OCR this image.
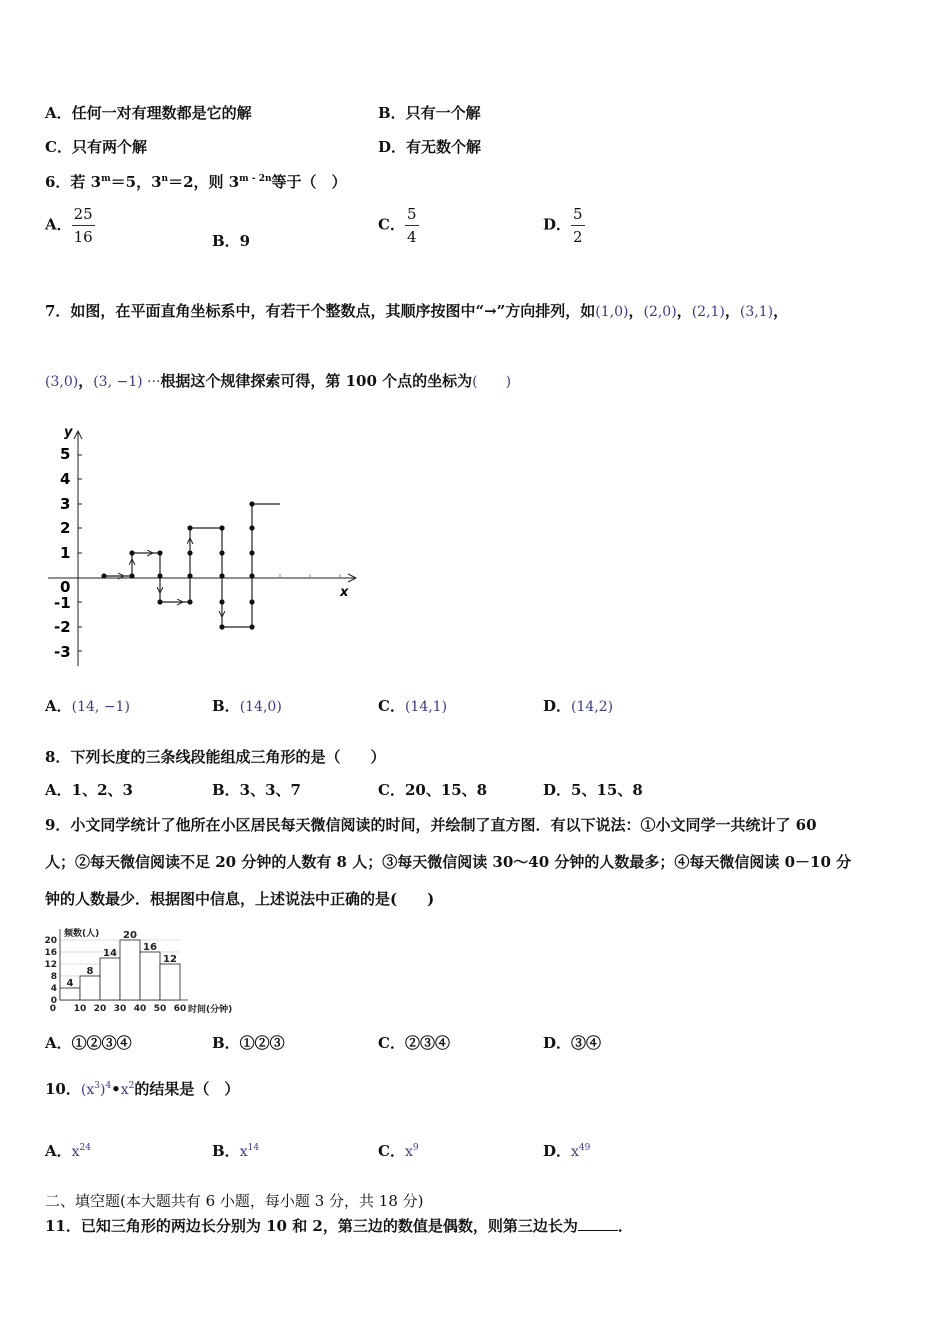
A．任何一对有理数都是它的解	B．只有一个解
C．只有两个解	D．有无数个解
6．若 $3^m=5$，$3^n=2$，则 $3^{m - 2n}$等于（　）
A． $\frac{25}{16}$	B．9
C． $\frac{5}{4}$	D． $\frac{5}{2}$
7．如图，在平面直角坐标系中，有若干个整数点，其顺序按图中“→”方向排列，如(1,0)，(2,0)，(2,1)，(3,1)，
(3,0)，(3, −1) ···根据这个规律探索可得，第 100 个点的坐标为(　　)
x
y
5
4
3
2
1
0
-1
-2
-3
A．(14, −1)	B．(14,0)	C．(14,1)	D．(14,2)
8．下列长度的三条线段能组成三角形的是（　　）
A．1、2、3	B．3、3、7	C．20、15、8	D．5、15、8
9．小文同学统计了他所在小区居民每天微信阅读的时间，并绘制了直方图．有以下说法：①小文同学一共统计了 60
人；②每天微信阅读不足 20 分钟的人数有 8 人；③每天微信阅读 30～40 分钟的人数最多；④每天微信阅读 0－10 分
钟的人数最少．根据图中信息，上述说法中正确的是(　　)
0
4
8
12
16
20
4
8
14
20
16
12
10 20 30 40 50 60
0	时间(分钟)
频数(人)
A．①②③④	B．①②③	C．②③④	D．③④
10．$(x^3)^4•x^2$的结果是（　）
A．$x^{24}$	B．$x^{14}$	C．$x^9$	D．$x^{49}$
二、填空题(本大题共有 6 小题，每小题 3 分，共 18 分)
11．已知三角形的两边长分别为 10 和 2，第三边的数值是偶数，则第三边长为	．
